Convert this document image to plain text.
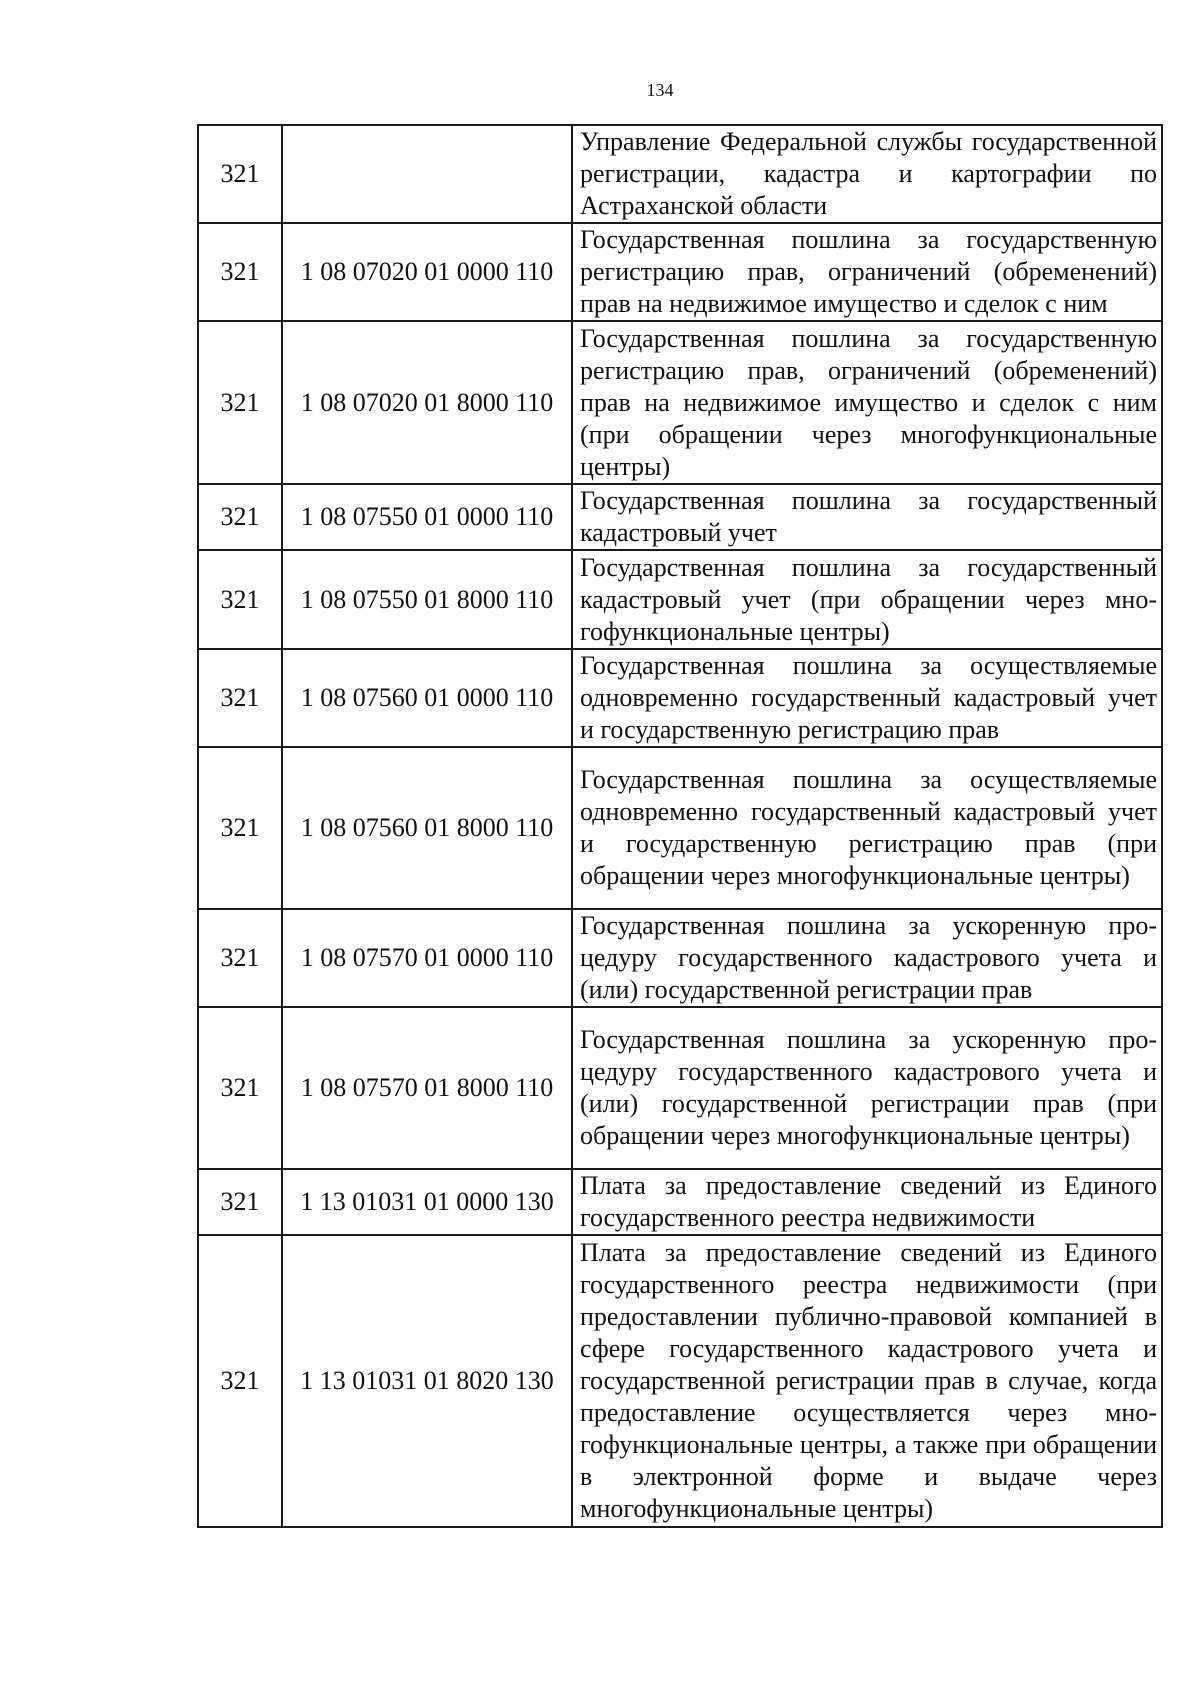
134
321		Управление Федеральной службы государственной регистрации, кадастра и картографии по Астраханской области
321	1 08 07020 01 0000 110	Государственная пошлина за государственную регистрацию прав, ограничений (обременений) прав на недвижимое имущество и сделок с ним
321	1 08 07020 01 8000 110	Государственная пошлина за государственную регистрацию прав, ограничений (обременений) прав на недвижимое имущество и сделок с ним (при обращении через многофункциональные центры)
321	1 08 07550 01 0000 110	Государственная пошлина за государственный кадастровый учет
321	1 08 07550 01 8000 110	Государственная пошлина за государственный кадастровый учет (при обращении через многофункциональные центры)
321	1 08 07560 01 0000 110	Государственная пошлина за осуществляемые одновременно государственный кадастровый учет и государственную регистрацию прав
321	1 08 07560 01 8000 110	Государственная пошлина за осуществляемые одновременно государственный кадастровый учет и государственную регистрацию прав (при обращении через многофункциональные центры)
321	1 08 07570 01 0000 110	Государственная пошлина за ускоренную процедуру государственного кадастрового учета и (или) государственной регистрации прав
321	1 08 07570 01 8000 110	Государственная пошлина за ускоренную процедуру государственного кадастрового учета и (или) государственной регистрации прав (при обращении через многофункциональные центры)
321	1 13 01031 01 0000 130	Плата за предоставление сведений из Единого государственного реестра недвижимости
321	1 13 01031 01 8020 130	Плата за предоставление сведений из Единого государственного реестра недвижимости (при предоставлении публично-правовой компанией в сфере государственного кадастрового учета и государственной регистрации прав в случае, когда предоставление осуществляется через многофункциональные центры, а также при обращении в электронной форме и выдаче через многофункциональные центры)
